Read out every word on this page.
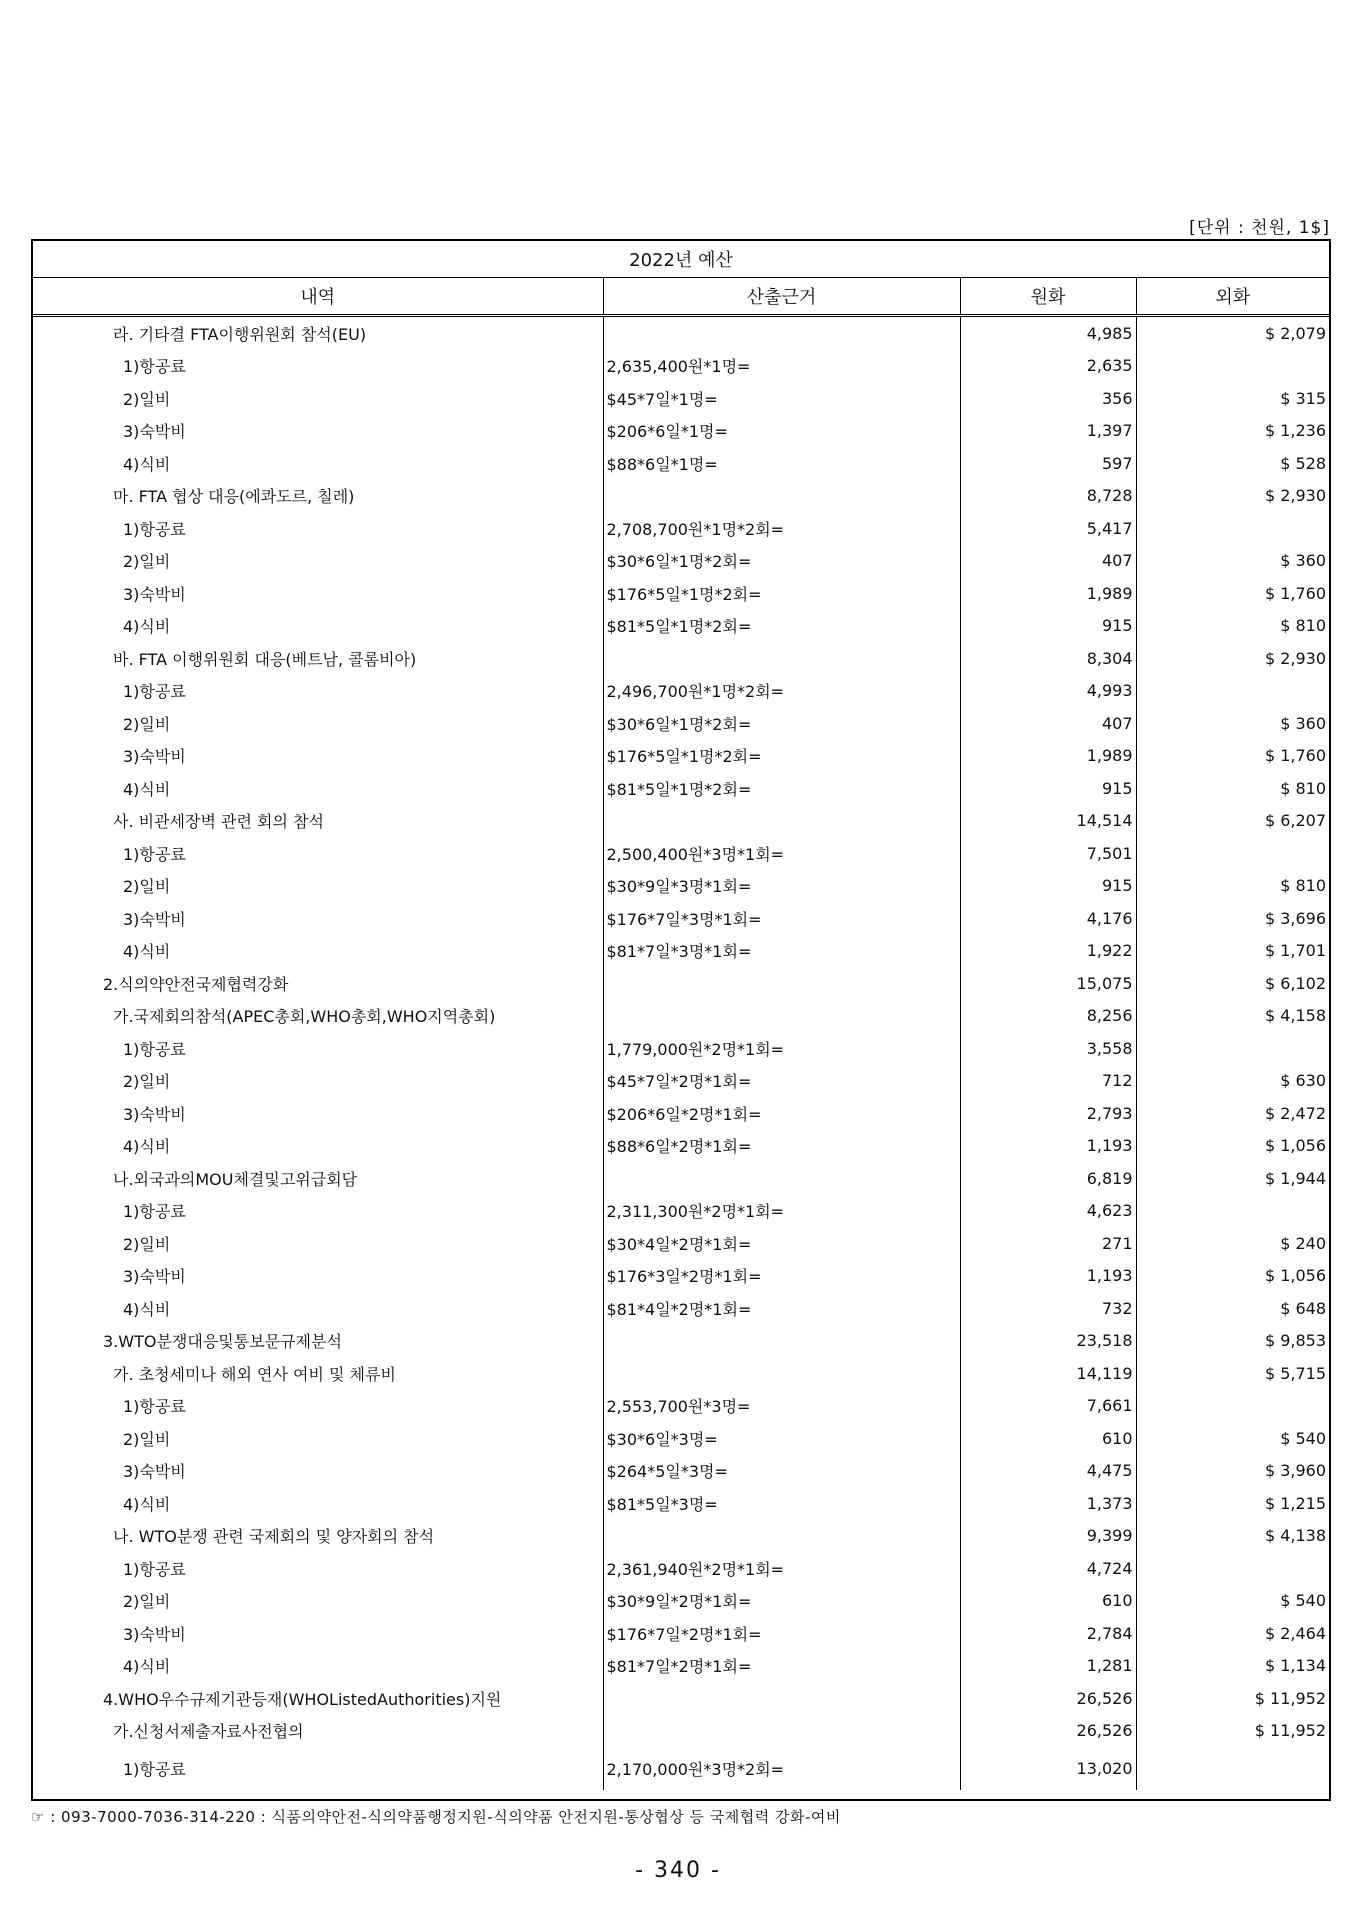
[단위 : 천원, 1$]
2022년 예산			
내역	산출근거	원화	외화
라. 기타결 FTA이행위원회 참석(EU)		4,985	$ 2,079
1)항공료	2,635,400원*1명=	2,635	
2)일비	$45*7일*1명=	356	$ 315
3)숙박비	$206*6일*1명=	1,397	$ 1,236
4)식비	$88*6일*1명=	597	$ 528
마. FTA 협상 대응(에콰도르, 칠레)		8,728	$ 2,930
1)항공료	2,708,700원*1명*2회=	5,417	
2)일비	$30*6일*1명*2회=	407	$ 360
3)숙박비	$176*5일*1명*2회=	1,989	$ 1,760
4)식비	$81*5일*1명*2회=	915	$ 810
바. FTA 이행위원회 대응(베트남, 콜롬비아)		8,304	$ 2,930
1)항공료	2,496,700원*1명*2회=	4,993	
2)일비	$30*6일*1명*2회=	407	$ 360
3)숙박비	$176*5일*1명*2회=	1,989	$ 1,760
4)식비	$81*5일*1명*2회=	915	$ 810
사. 비관세장벽 관련 회의 참석		14,514	$ 6,207
1)항공료	2,500,400원*3명*1회=	7,501	
2)일비	$30*9일*3명*1회=	915	$ 810
3)숙박비	$176*7일*3명*1회=	4,176	$ 3,696
4)식비	$81*7일*3명*1회=	1,922	$ 1,701
2.식의약안전국제협력강화		15,075	$ 6,102
가.국제회의참석(APEC총회,WHO총회,WHO지역총회)		8,256	$ 4,158
1)항공료	1,779,000원*2명*1회=	3,558	
2)일비	$45*7일*2명*1회=	712	$ 630
3)숙박비	$206*6일*2명*1회=	2,793	$ 2,472
4)식비	$88*6일*2명*1회=	1,193	$ 1,056
나.외국과의MOU체결및고위급회담		6,819	$ 1,944
1)항공료	2,311,300원*2명*1회=	4,623	
2)일비	$30*4일*2명*1회=	271	$ 240
3)숙박비	$176*3일*2명*1회=	1,193	$ 1,056
4)식비	$81*4일*2명*1회=	732	$ 648
3.WTO분쟁대응및통보문규제분석		23,518	$ 9,853
가. 초청세미나 해외 연사 여비 및 체류비		14,119	$ 5,715
1)항공료	2,553,700원*3명=	7,661	
2)일비	$30*6일*3명=	610	$ 540
3)숙박비	$264*5일*3명=	4,475	$ 3,960
4)식비	$81*5일*3명=	1,373	$ 1,215
나. WTO분쟁 관련 국제회의 및 양자회의 참석		9,399	$ 4,138
1)항공료	2,361,940원*2명*1회=	4,724	
2)일비	$30*9일*2명*1회=	610	$ 540
3)숙박비	$176*7일*2명*1회=	2,784	$ 2,464
4)식비	$81*7일*2명*1회=	1,281	$ 1,134
4.WHO우수규제기관등재(WHOListedAuthorities)지원		26,526	$ 11,952
가.신청서제출자료사전협의		26,526	$ 11,952
1)항공료	2,170,000원*3명*2회=	13,020	
☞ : 093-7000-7036-314-220 : 식품의약안전-식의약품행정지원-식의약품 안전지원-통상협상 등 국제협력 강화-여비
- 340 -
